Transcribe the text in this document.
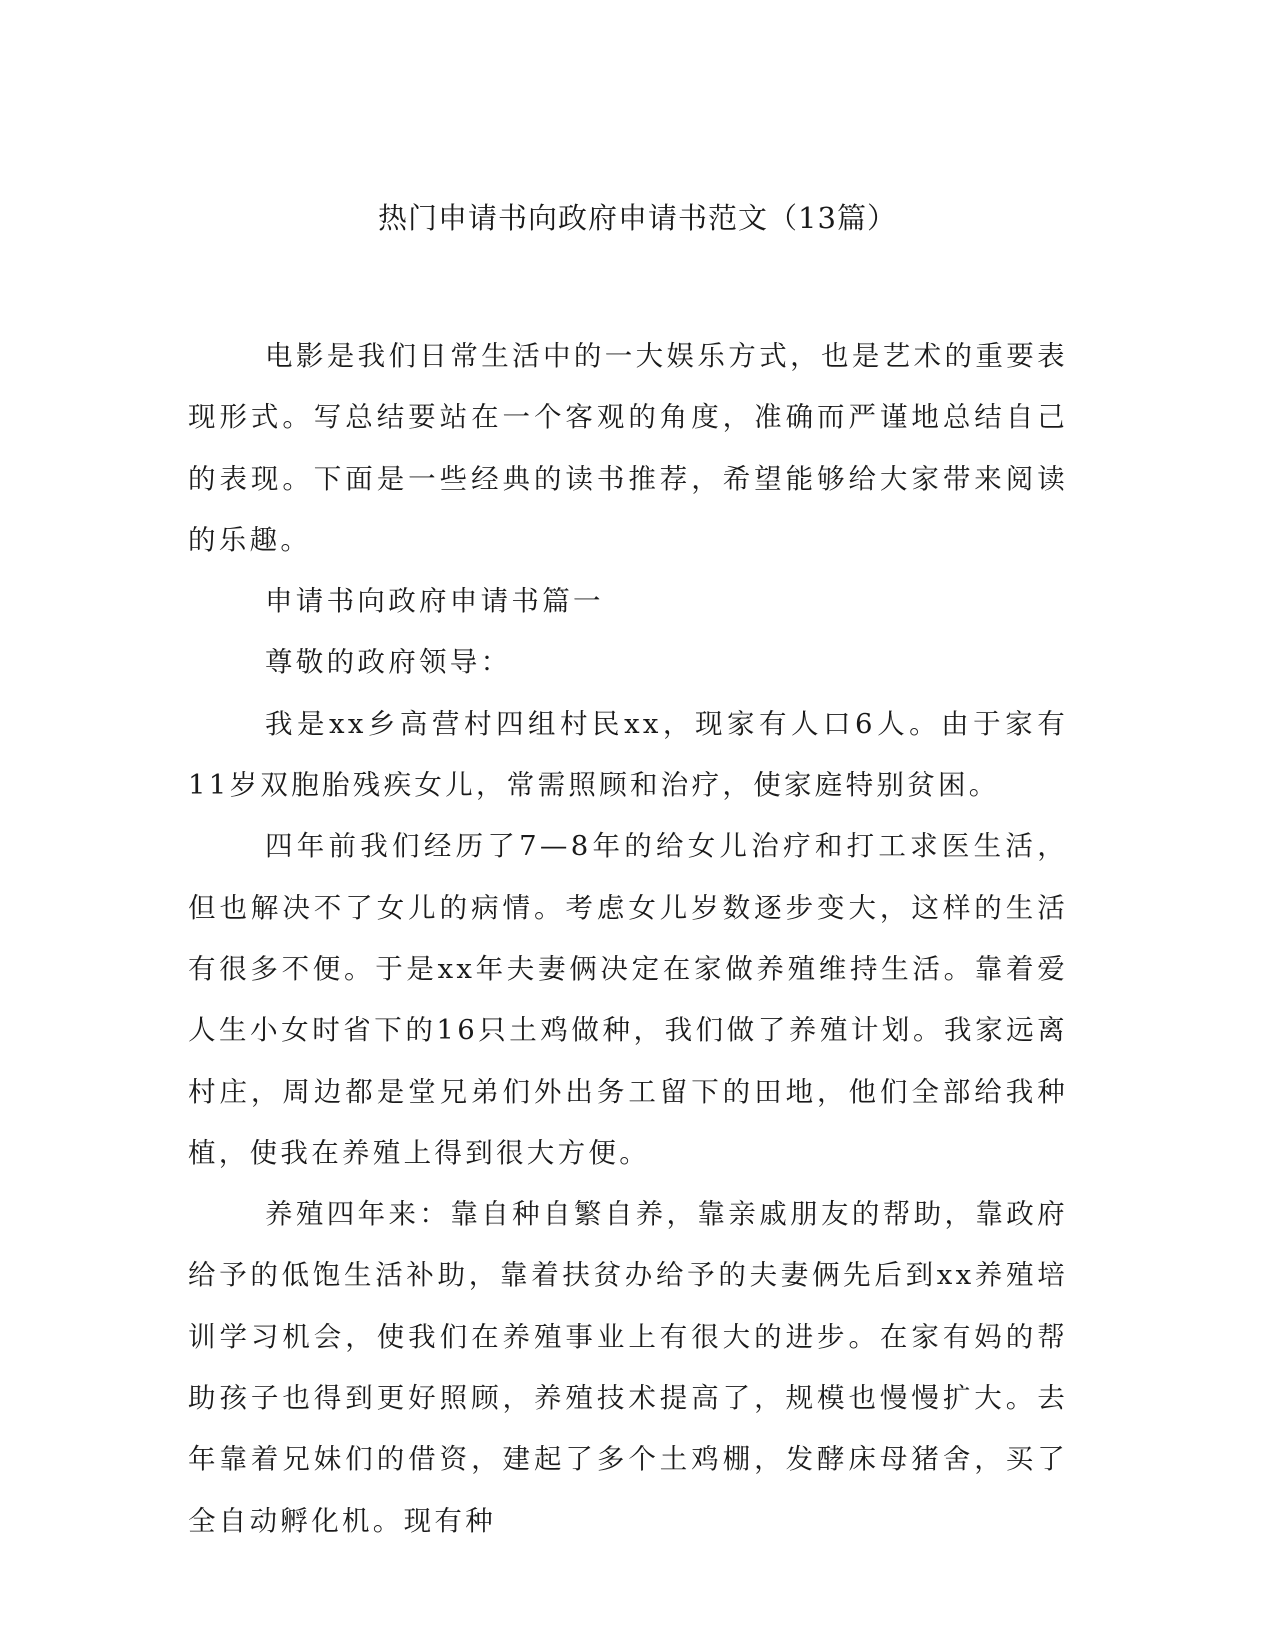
热门申请书向政府申请书范文（13篇）

电影是我们日常生活中的一大娱乐方式，也是艺术的重要表现形式。写总结要站在一个客观的角度，准确而严谨地总结自己的表现。下面是一些经典的读书推荐，希望能够给大家带来阅读的乐趣。

申请书向政府申请书篇一

尊敬的政府领导：

我是xx乡高营村四组村民xx，现家有人口6人。由于家有11岁双胞胎残疾女儿，常需照顾和治疗，使家庭特别贫困。

四年前我们经历了7—8年的给女儿治疗和打工求医生活，但也解决不了女儿的病情。考虑女儿岁数逐步变大，这样的生活有很多不便。于是xx年夫妻俩决定在家做养殖维持生活。靠着爱人生小女时省下的16只土鸡做种，我们做了养殖计划。我家远离村庄，周边都是堂兄弟们外出务工留下的田地，他们全部给我种植，使我在养殖上得到很大方便。

养殖四年来：靠自种自繁自养，靠亲戚朋友的帮助，靠政府给予的低饱生活补助，靠着扶贫办给予的夫妻俩先后到xx养殖培训学习机会，使我们在养殖事业上有很大的进步。在家有妈的帮助孩子也得到更好照顾，养殖技术提高了，规模也慢慢扩大。去年靠着兄妹们的借资，建起了多个土鸡棚，发酵床母猪舍，买了全自动孵化机。现有种
